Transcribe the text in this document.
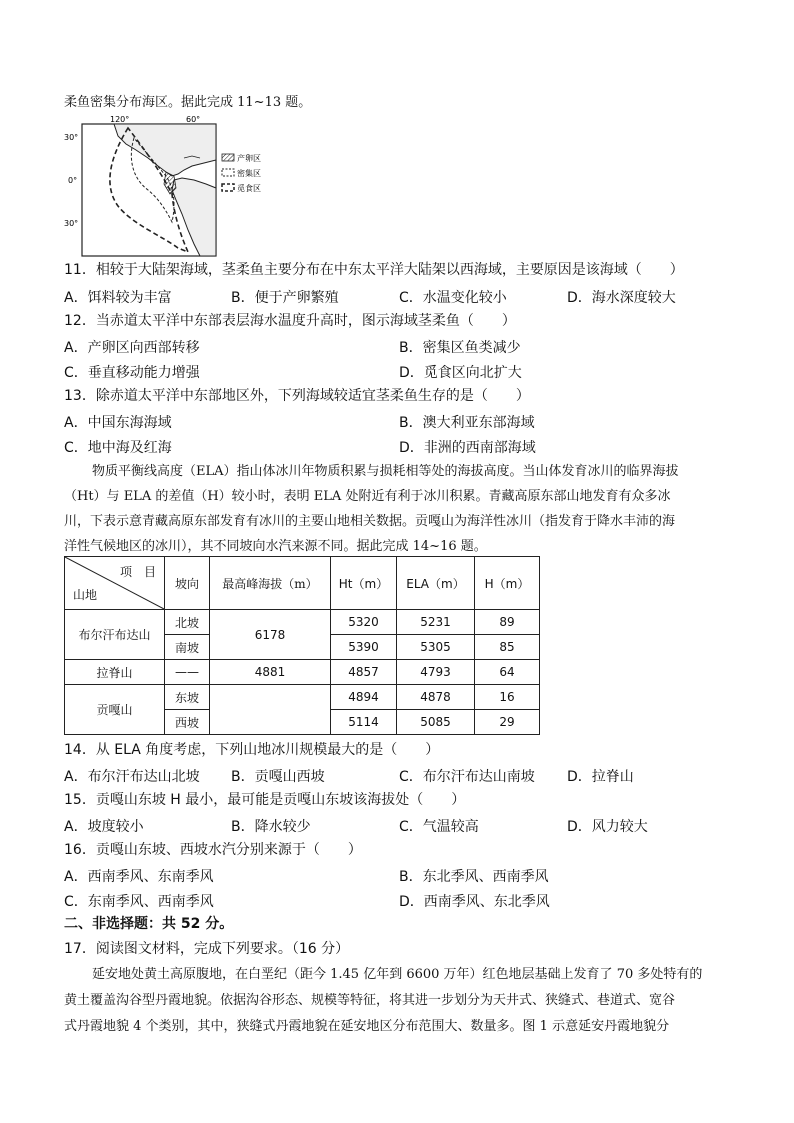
柔鱼密集分布海区。据此完成 11~13 题。
120°	60°
30°
0°
30°
产卵区
密集区
觅食区
11．相较于大陆架海域，茎柔鱼主要分布在中东太平洋大陆架以西海域，主要原因是该海域（　　）
A．饵料较为丰富	B．便于产卵繁殖	C．水温变化较小	D．海水深度较大
12．当赤道太平洋中东部表层海水温度升高时，图示海域茎柔鱼（　　）
A．产卵区向西部转移	B．密集区鱼类减少
C．垂直移动能力增强	D．觅食区向北扩大
13．除赤道太平洋中东部地区外，下列海域较适宜茎柔鱼生存的是（　　）
A．中国东海海域	B．澳大利亚东部海域
C．地中海及红海	D．非洲的西南部海域
物质平衡线高度（ELA）指山体冰川年物质积累与损耗相等处的海拔高度。当山体发育冰川的临界海拔
（Ht）与 ELA 的差值（H）较小时，表明 ELA 处附近有利于冰川积累。青藏高原东部山地发育有众多冰
川，下表示意青藏高原东部发育有冰川的主要山地相关数据。贡嘎山为海洋性冰川（指发育于降水丰沛的海
洋性气候地区的冰川），其不同坡向水汽来源不同。据此完成 14~16 题。
项　目
山地	坡向	最高峰海拔（m）	Ht（m）	ELA（m）	H（m）
布尔汗布达山	北坡	6178	5320	5231	89
	南坡		5390	5305	85
拉脊山	——	4881	4857	4793	64
贡嘎山	东坡		4894	4878	16
	西坡		5114	5085	29
14．从 ELA 角度考虑，下列山地冰川规模最大的是（　　）
A．布尔汗布达山北坡 B．贡嘎山西坡	C．布尔汗布达山南坡 D．拉脊山
15．贡嘎山东坡 H 最小，最可能是贡嘎山东坡该海拔处（　　）
A．坡度较小	B．降水较少	C．气温较高	D．风力较大
16．贡嘎山东坡、西坡水汽分别来源于（　　）
A．西南季风、东南季风	B．东北季风、西南季风
C．东南季风、西南季风	D．西南季风、东北季风
二、非选择题：共 52 分。
17．阅读图文材料，完成下列要求。（16 分）
延安地处黄土高原腹地，在白垩纪（距今 1.45 亿年到 6600 万年）红色地层基础上发育了 70 多处特有的
黄土覆盖沟谷型丹霞地貌。依据沟谷形态、规模等特征，将其进一步划分为天井式、狭缝式、巷道式、宽谷
式丹霞地貌 4 个类别，其中，狭缝式丹霞地貌在延安地区分布范围大、数量多。图 1 示意延安丹霞地貌分
